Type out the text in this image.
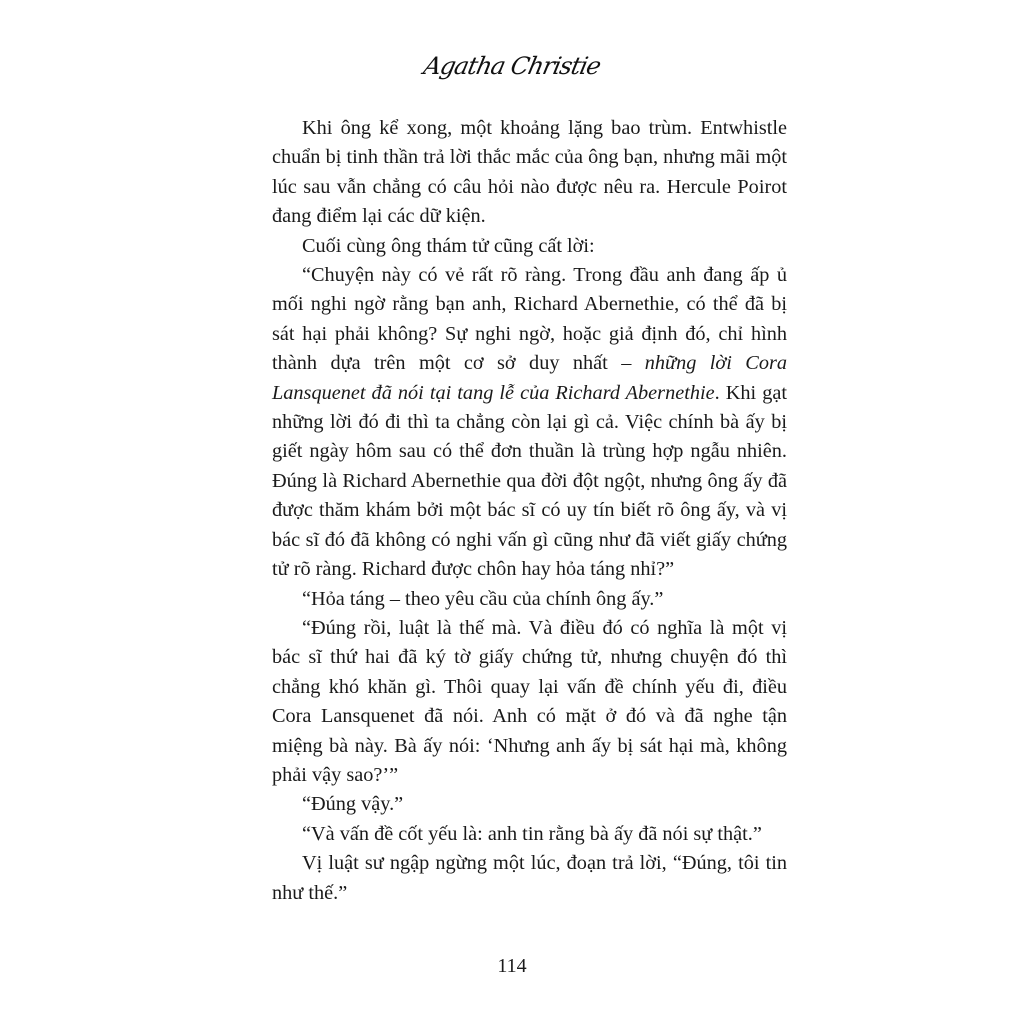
Agatha Christie

Khi ông kể xong, một khoảng lặng bao trùm. Entwhistle chuẩn bị tinh thần trả lời thắc mắc của ông bạn, nhưng mãi một lúc sau vẫn chẳng có câu hỏi nào được nêu ra. Hercule Poirot đang điểm lại các dữ kiện.

Cuối cùng ông thám tử cũng cất lời:

“Chuyện này có vẻ rất rõ ràng. Trong đầu anh đang ấp ủ mối nghi ngờ rằng bạn anh, Richard Abernethie, có thể đã bị sát hại phải không? Sự nghi ngờ, hoặc giả định đó, chỉ hình thành dựa trên một cơ sở duy nhất – những lời Cora Lansquenet đã nói tại tang lễ của Richard Abernethie. Khi gạt những lời đó đi thì ta chẳng còn lại gì cả. Việc chính bà ấy bị giết ngày hôm sau có thể đơn thuần là trùng hợp ngẫu nhiên. Đúng là Richard Abernethie qua đời đột ngột, nhưng ông ấy đã được thăm khám bởi một bác sĩ có uy tín biết rõ ông ấy, và vị bác sĩ đó đã không có nghi vấn gì cũng như đã viết giấy chứng tử rõ ràng. Richard được chôn hay hỏa táng nhỉ?”

“Hỏa táng – theo yêu cầu của chính ông ấy.”

“Đúng rồi, luật là thế mà. Và điều đó có nghĩa là một vị bác sĩ thứ hai đã ký tờ giấy chứng tử, nhưng chuyện đó thì chẳng khó khăn gì. Thôi quay lại vấn đề chính yếu đi, điều Cora Lansquenet đã nói. Anh có mặt ở đó và đã nghe tận miệng bà này. Bà ấy nói: ‘Nhưng anh ấy bị sát hại mà, không phải vậy sao?’”

“Đúng vậy.”

“Và vấn đề cốt yếu là: anh tin rằng bà ấy đã nói sự thật.”

Vị luật sư ngập ngừng một lúc, đoạn trả lời, “Đúng, tôi tin như thế.”

114
